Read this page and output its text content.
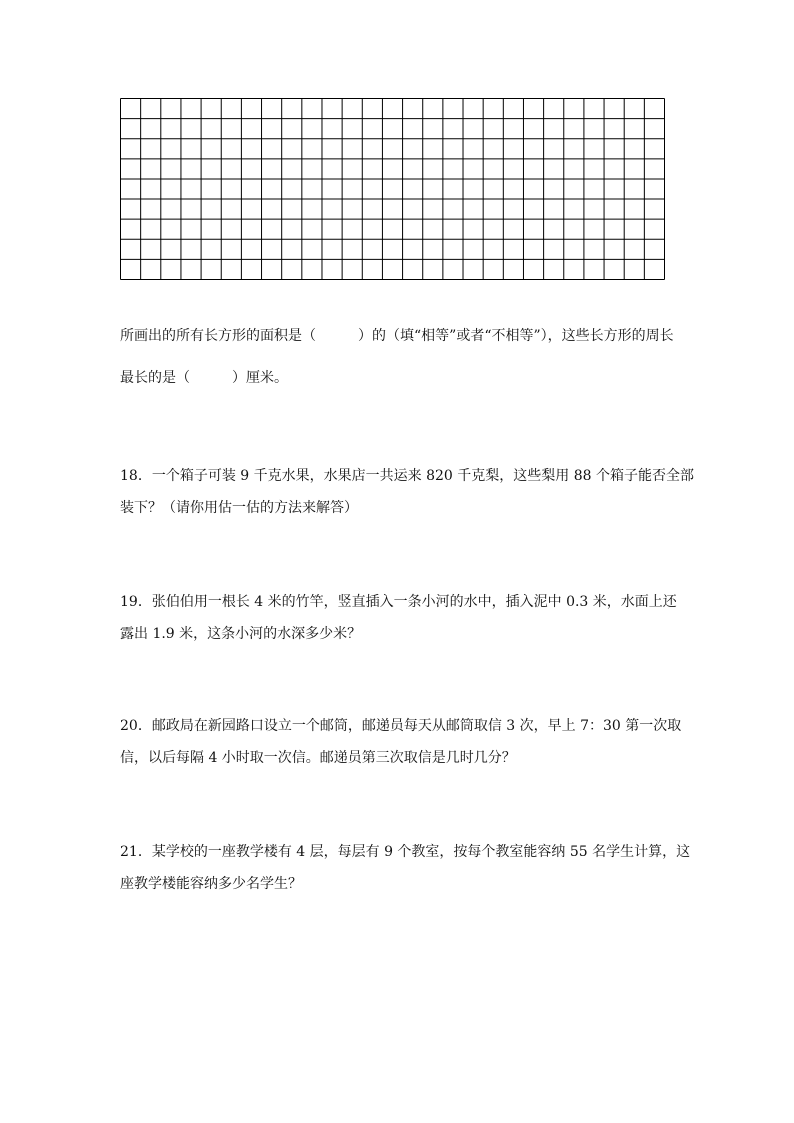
所画出的所有长方形的面积是（	）的（填“相等”或者“不相等”），这些长方形的周长
最长的是（	）厘米。
18．一个箱子可装 9 千克水果，水果店一共运来 820 千克梨，这些梨用 88 个箱子能否全部
装下？（请你用估一估的方法来解答）
19．张伯伯用一根长 4 米的竹竿，竖直插入一条小河的水中，插入泥中 0.3 米，水面上还
露出 1.9 米，这条小河的水深多少米？
20．邮政局在新园路口设立一个邮筒，邮递员每天从邮筒取信 3 次，早上 7：30 第一次取
信，以后每隔 4 小时取一次信。邮递员第三次取信是几时几分？
21．某学校的一座教学楼有 4 层，每层有 9 个教室，按每个教室能容纳 55 名学生计算，这
座教学楼能容纳多少名学生？
